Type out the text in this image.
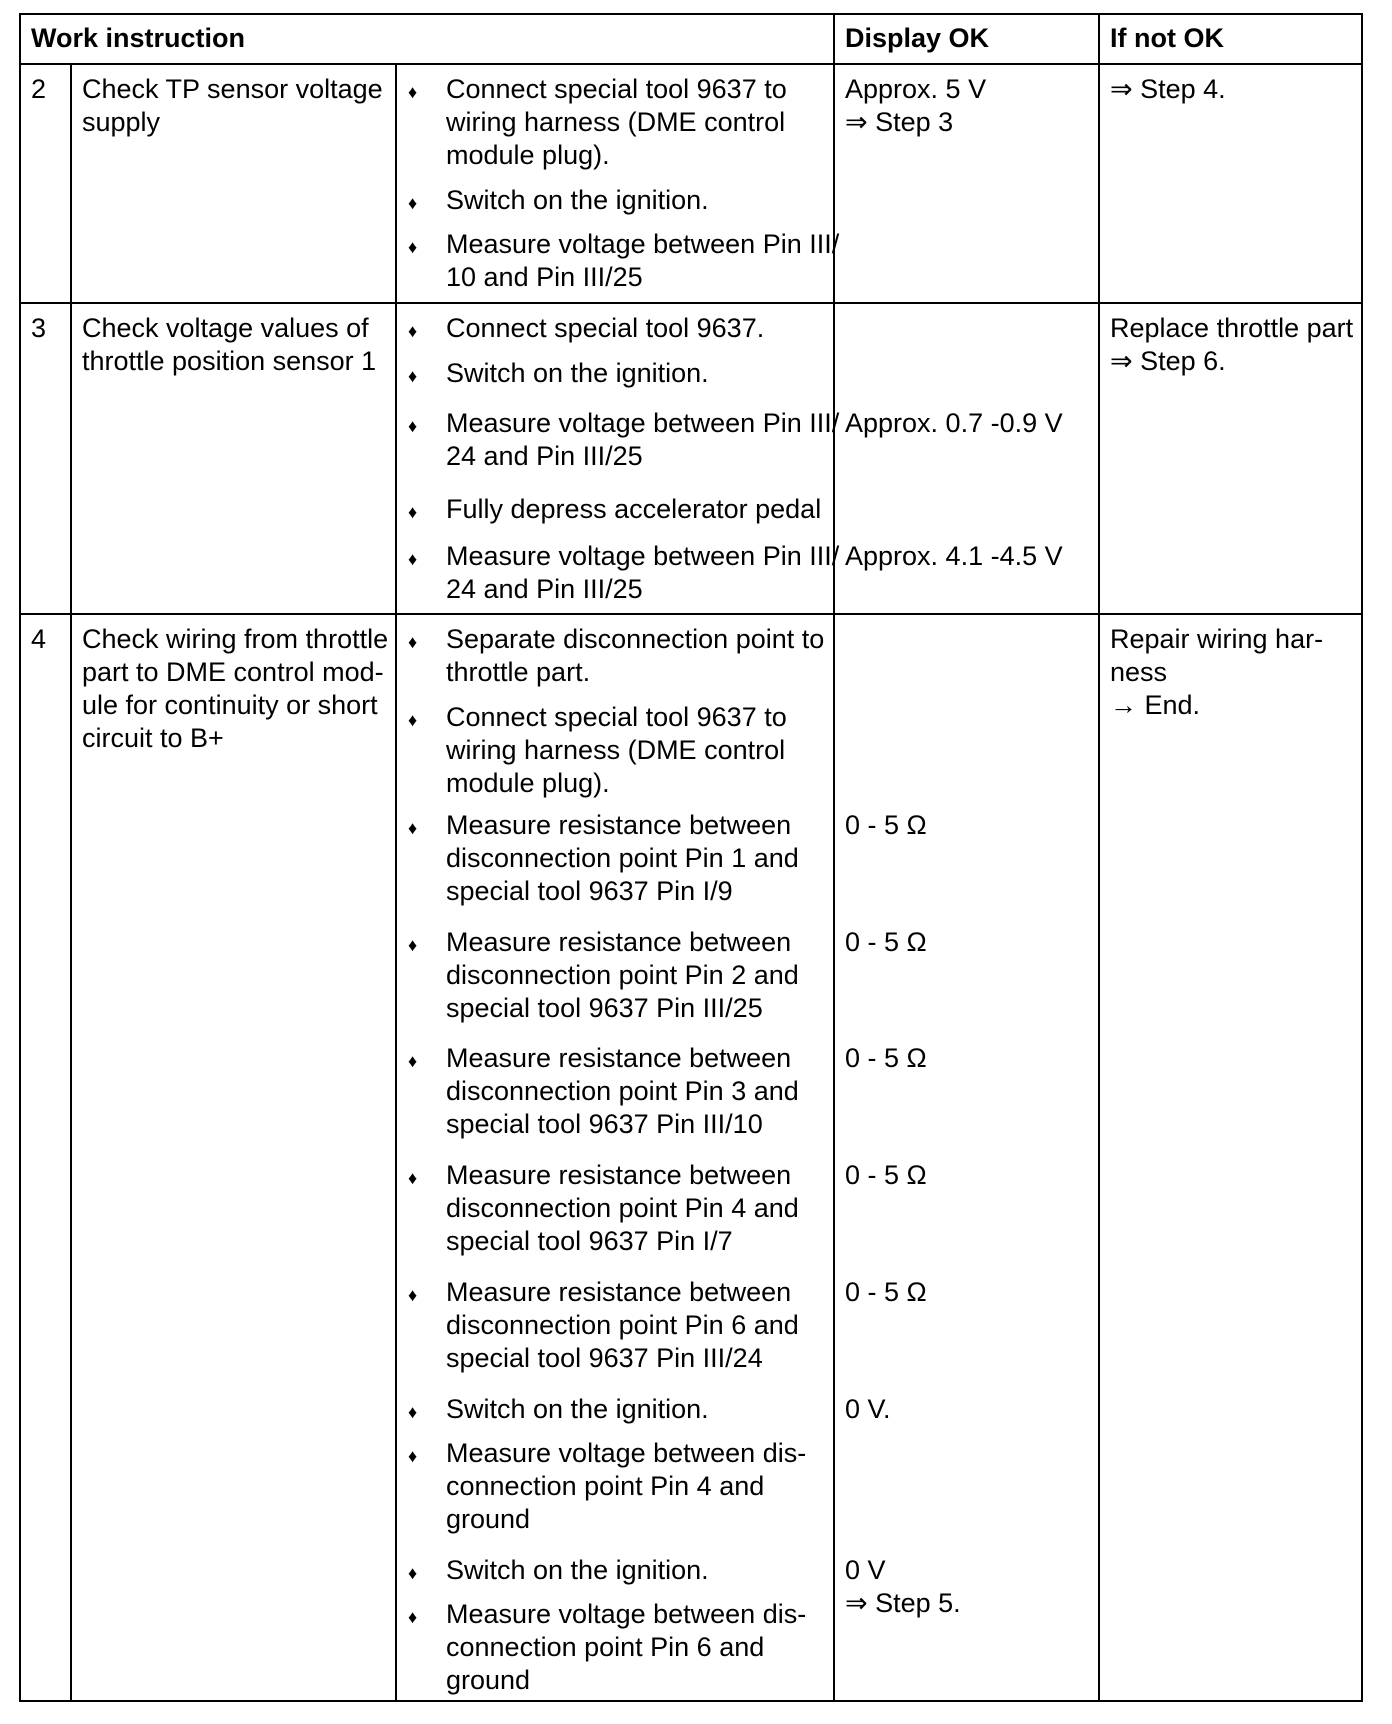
Work instruction	Display OK	If not OK
2 Check TP sensor voltage
supply
♦ Connect special tool 9637 to
wiring harness (DME control
module plug).
♦ Switch on the ignition.
♦ Measure voltage between Pin III/
10 and Pin III/25
Approx. 5 V
⇒ Step 3
⇒ Step 4.
3 Check voltage values of
throttle position sensor 1
♦ Connect special tool 9637.
♦ Switch on the ignition.
♦ Measure voltage between Pin III/
24 and Pin III/25
♦ Fully depress accelerator pedal
♦ Measure voltage between Pin III/
24 and Pin III/25
Approx. 0.7 -0.9 V
Approx. 4.1 -4.5 V
Replace throttle part
⇒ Step 6.
4 Check wiring from throttle
part to DME control mod-
ule for continuity or short
circuit to B+
♦ Separate disconnection point to
throttle part.
♦ Connect special tool 9637 to
wiring harness (DME control
module plug).
♦ Measure resistance between
disconnection point Pin 1 and
special tool 9637 Pin I/9
♦ Measure resistance between
disconnection point Pin 2 and
special tool 9637 Pin III/25
♦ Measure resistance between
disconnection point Pin 3 and
special tool 9637 Pin III/10
♦ Measure resistance between
disconnection point Pin 4 and
special tool 9637 Pin I/7
♦ Measure resistance between
disconnection point Pin 6 and
special tool 9637 Pin III/24
♦ Switch on the ignition.
♦ Measure voltage between dis-
connection point Pin 4 and
ground
♦ Switch on the ignition.
♦ Measure voltage between dis-
connection point Pin 6 and
ground
0 - 5 Ω
0 - 5 Ω
0 - 5 Ω
0 - 5 Ω
0 - 5 Ω
0 V.
0 V
⇒ Step 5.
Repair wiring har-
ness
→ End.
